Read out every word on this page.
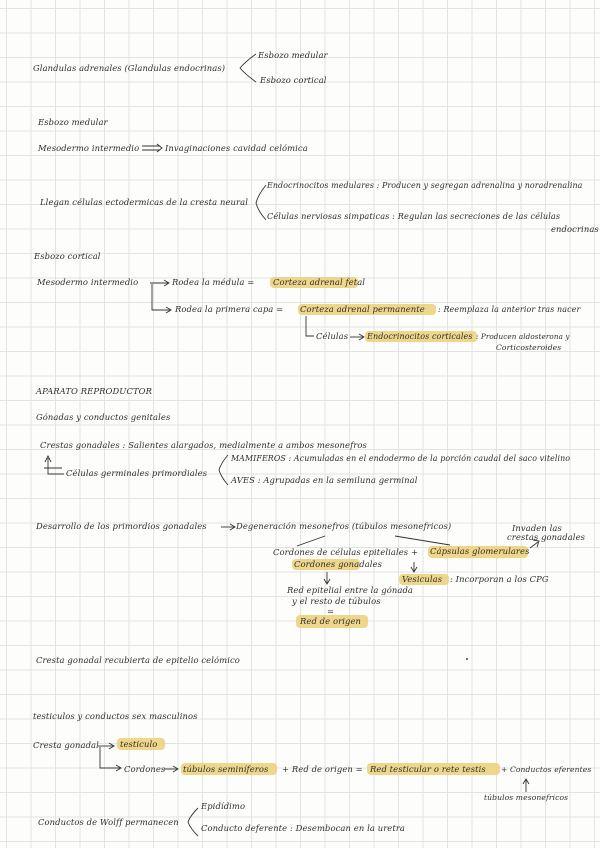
Glandulas adrenales (Glandulas endocrinas)
Esbozo medular
Esbozo cortical
Esbozo medular
Mesodermo intermedio	Invaginaciones cavidad celómica
Llegan células ectodermicas de la cresta neural
Endocrinocitos medulares : Producen y segregan adrenalina y noradrenalina
Células nerviosas simpaticas : Regulan las secreciones de las células
endocrinas
Esbozo cortical
Mesodermo intermedio	Rodea la médula = Corteza adrenal fetal
Rodea la primera capa = Corteza adrenal permanente : Reemplaza la anterior tras nacer
Células Endocrinocitos corticales : Producen aldosterona y
Corticosteroides
APARATO REPRODUCTOR
Gónadas y conductos genitales
Crestas gonadales : Salientes alargados, medialmente a ambos mesonefros
Células germinales primordiales
MAMIFEROS : Acumuladas en el endodermo de la porción caudal del saco vitelino
AVES : Agrupadas en la semiluna germinal
Desarrollo de los primordios gonadales	Degeneración mesonefros (túbulos mesonefricos)	Invaden las
crestas gonadales
Cordones de células epiteliales + Cápsulas glomerulares
Cordones gonadales
Vesiculas : Incorporan a los CPG
Red epitelial entre la gónada
y el resto de túbulos
=
Red de origen
Cresta gonadal recubierta de epitelio celómico
testiculos y conductos sex masculinos
Cresta gonadal	testiculo
Cordones túbulos seminíferos + Red de origen = Red testicular o rete testis + Conductos eferentes
túbulos mesonefricos
Conductos de Wolff permanecen
Epidídimo
Conducto deferente : Desembocan en la uretra
